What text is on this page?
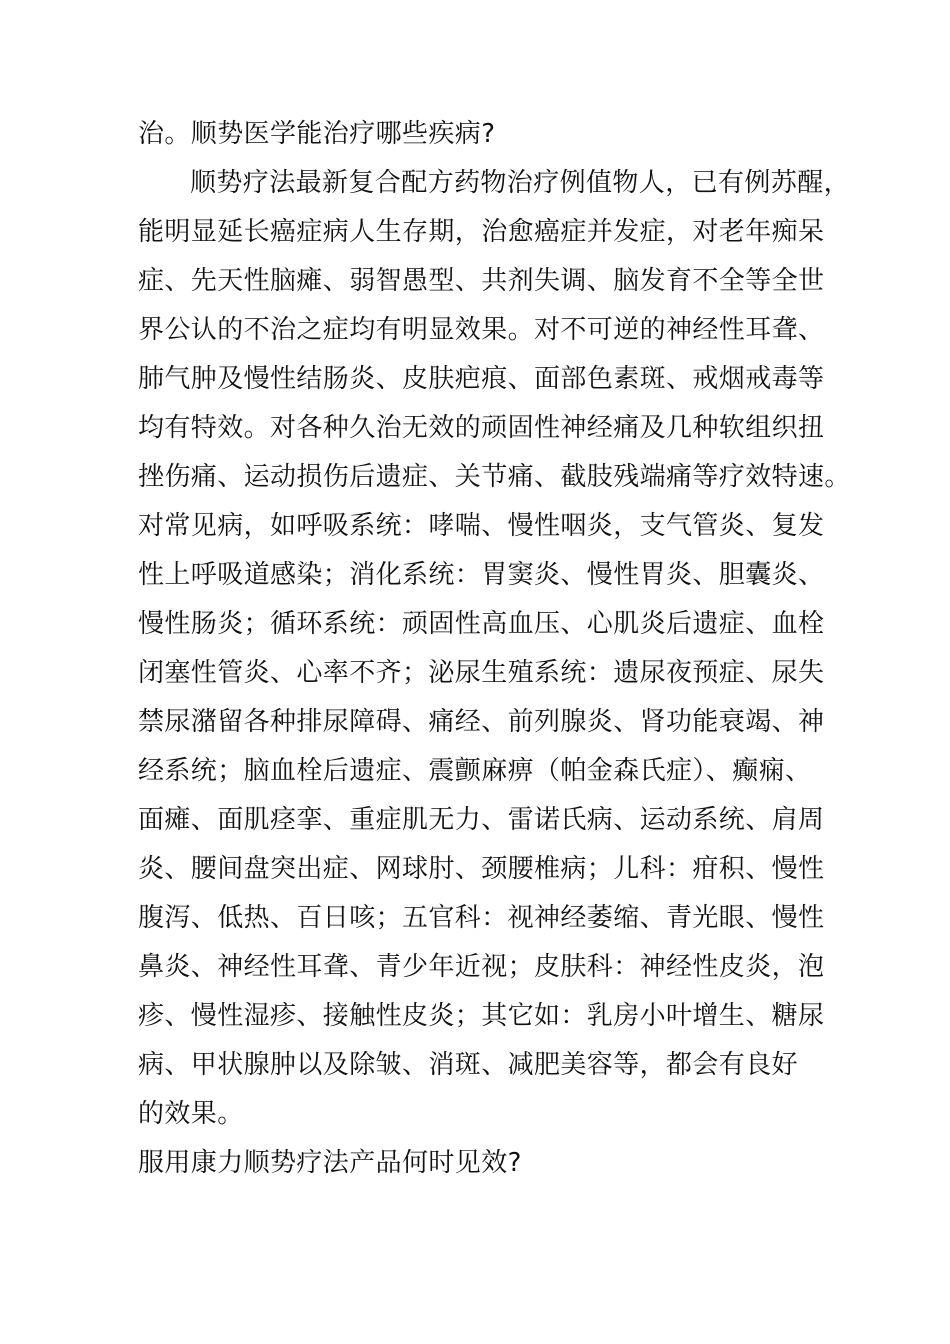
治。顺势医学能治疗哪些疾病?
顺势疗法最新复合配方药物治疗例值物人，已有例苏醒，
能明显延长癌症病人生存期，治愈癌症并发症，对老年痴呆
症、先天性脑瘫、弱智愚型、共剂失调、脑发育不全等全世
界公认的不治之症均有明显效果。对不可逆的神经性耳聋、
肺气肿及慢性结肠炎、皮肤疤痕、面部色素斑、戒烟戒毒等
均有特效。对各种久治无效的顽固性神经痛及几种软组织扭
挫伤痛、运动损伤后遗症、关节痛、截肢残端痛等疗效特速。
对常见病，如呼吸系统：哮喘、慢性咽炎，支气管炎、复发
性上呼吸道感染；消化系统：胃窦炎、慢性胃炎、胆囊炎、
慢性肠炎；循环系统：顽固性高血压、心肌炎后遗症、血栓
闭塞性管炎、心率不齐；泌尿生殖系统：遗尿夜预症、尿失
禁尿潴留各种排尿障碍、痛经、前列腺炎、肾功能衰竭、神
经系统；脑血栓后遗症、震颤麻痹（帕金森氏症）、癫痫、
面瘫、面肌痉挛、重症肌无力、雷诺氏病、运动系统、肩周
炎、腰间盘突出症、网球肘、颈腰椎病；儿科：疳积、慢性
腹泻、低热、百日咳；五官科：视神经萎缩、青光眼、慢性
鼻炎、神经性耳聋、青少年近视；皮肤科：神经性皮炎，泡
疹、慢性湿疹、接触性皮炎；其它如：乳房小叶增生、糖尿
病、甲状腺肿以及除皱、消斑、减肥美容等，都会有良好
的效果。
服用康力顺势疗法产品何时见效?
